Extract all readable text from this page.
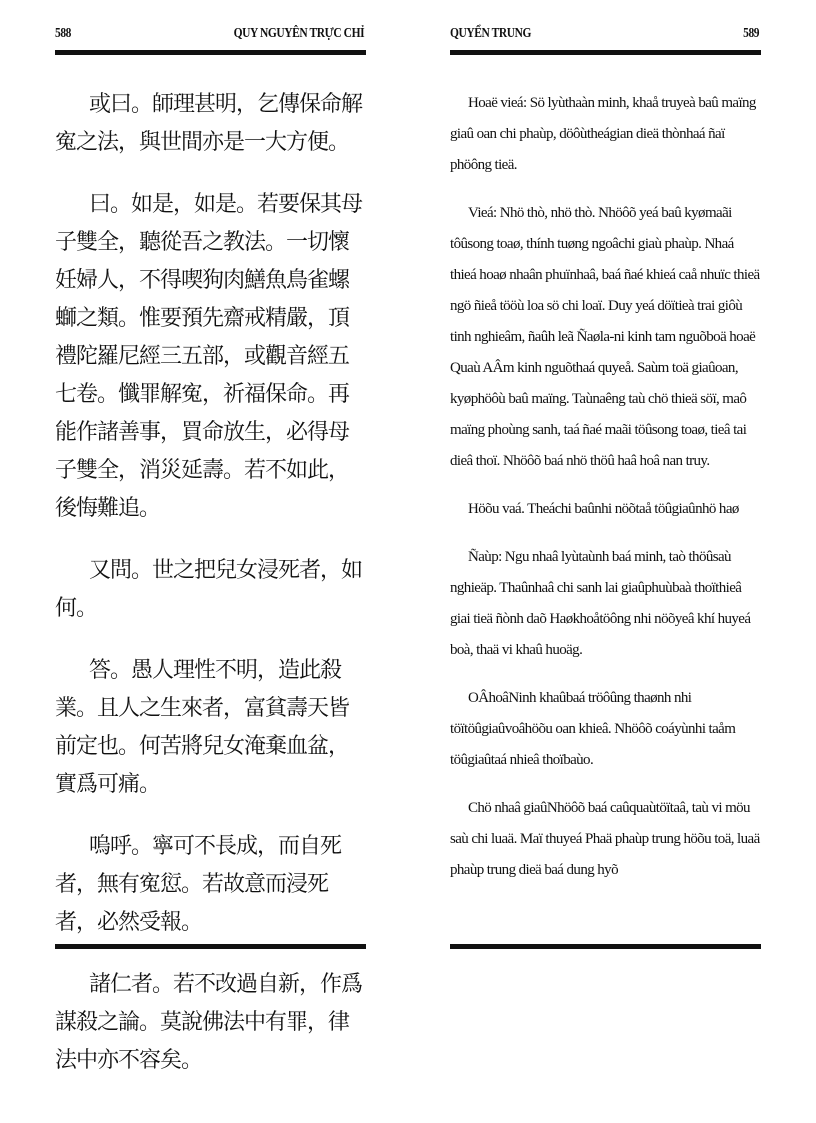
588	QUY NGUYÊN TRỰC CHỈ

或曰。師理甚明，乞傳保命解寃之法，與世間亦是一大方便。

曰。如是，如是。若要保其母子雙全，聽從吾之教法。一切懷妊婦人，不得喫狗肉鱔魚鳥雀螺螄之類。惟要預先齋戒精嚴，頂禮陀羅尼經三五部，或觀音經五七卷。懺罪解寃，祈福保命。再能作諸善事，買命放生，必得母子雙全，消災延壽。若不如此，後悔難追。

又問。世之把兒女浸死者，如何。

答。愚人理性不明，造此殺業。且人之生來者，富貧壽天皆前定也。何苦將兒女淹棄血盆，實爲可痛。

嗚呼。寧可不長成，而自死者，無有寃愆。若故意而浸死者，必然受報。

諸仁者。若不改過自新，作爲謀殺之論。莫說佛法中有罪，律法中亦不容矣。

QUYỂN TRUNG	589

Hoaë vieá: Sö lyùthaàn minh, khaå truyeà baû maïng giaû oan chi phaùp, döôùtheágian dieä thònhaá ñaï phöông tieä.

Vieá: Nhö thò, nhö thò. Nhöôõ yeá baû kyømaãi tôûsong toaø, thính tuøng ngoâchi giaù phaùp. Nhaá thieá hoaø nhaân phuïnhaâ, baá ñaé khieá caå nhuïc thieä ngö ñieå tööù loa sö chi loaï. Duy yeá döïtieà trai giôù tinh nghieâm, ñaûh leã Ñaøla-ni kinh tam nguõboä hoaë Quaù AÂm kinh nguõthaá quyeå. Saùm toä giaûoan, kyøphöôù baû maïng. Taùnaêng taù chö thieä söï, maô maïng phoùng sanh, taá ñaé maãi töûsong toaø, tieâ tai dieâ thoï. Nhöôõ baá nhö thöû haâ hoâ nan truy.

Höõu vaá. Theáchi baûnhi nöõtaå töûgiaûnhö haø

Ñaùp: Ngu nhaâ lyùtaùnh baá minh, taò thöûsaù nghieäp. Thaûnhaâ chi sanh lai giaûphuùbaà thoïthieâ giai tieä ñònh daõ Haøkhoåtöông nhi nöõyeâ khí huyeá boà, thaä vi khaû huoäg.

OÂhoâNinh khaûbaá tröôûng thaønh nhi töïtöûgiaûvoâhöõu oan khieâ. Nhöôõ coáyùnhi taåm töûgiaûtaá nhieâ thoïbaùo.

Chö nhaâ giaûNhöôõ baá caûquaùtöïtaâ, taù vi möu saù chi luaä. Maï thuyeá Phaä phaùp trung höõu toä, luaä phaùp trung dieä baá dung hyõ
